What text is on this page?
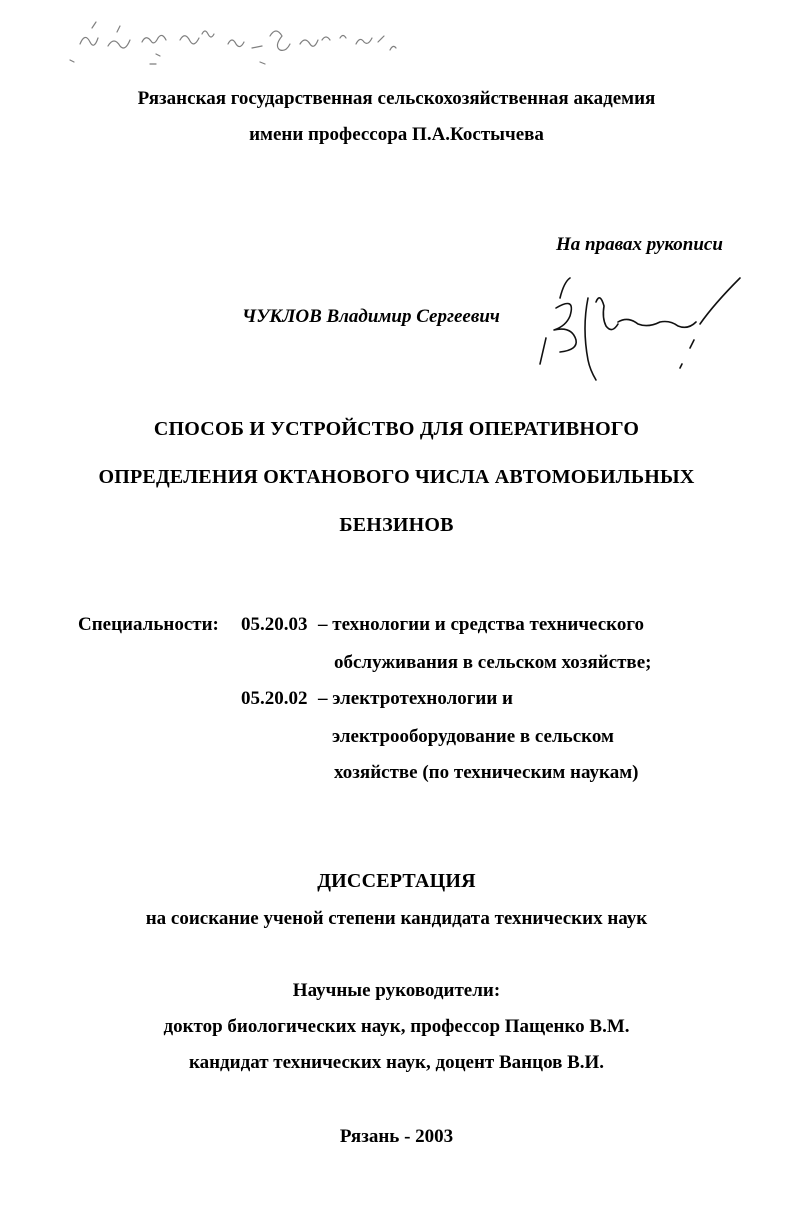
Рязанская государственная сельскохозяйственная академия
имени профессора П.А.Костычева
На правах рукописи
ЧУКЛОВ Владимир Сергеевич
СПОСОБ И УСТРОЙСТВО ДЛЯ ОПЕРАТИВНОГО
ОПРЕДЕЛЕНИЯ ОКТАНОВОГО ЧИСЛА АВТОМОБИЛЬНЫХ
БЕНЗИНОВ
Специальности: 05.20.03 – технологии и средства технического
обслуживания в сельском хозяйстве;
05.20.02 – электротехнологии и
электрооборудование в сельском
хозяйстве (по техническим наукам)
ДИССЕРТАЦИЯ
на соискание ученой степени кандидата технических наук
Научные руководители:
доктор биологических наук, профессор Пащенко В.М.
кандидат технических наук, доцент Ванцов В.И.
Рязань - 2003
